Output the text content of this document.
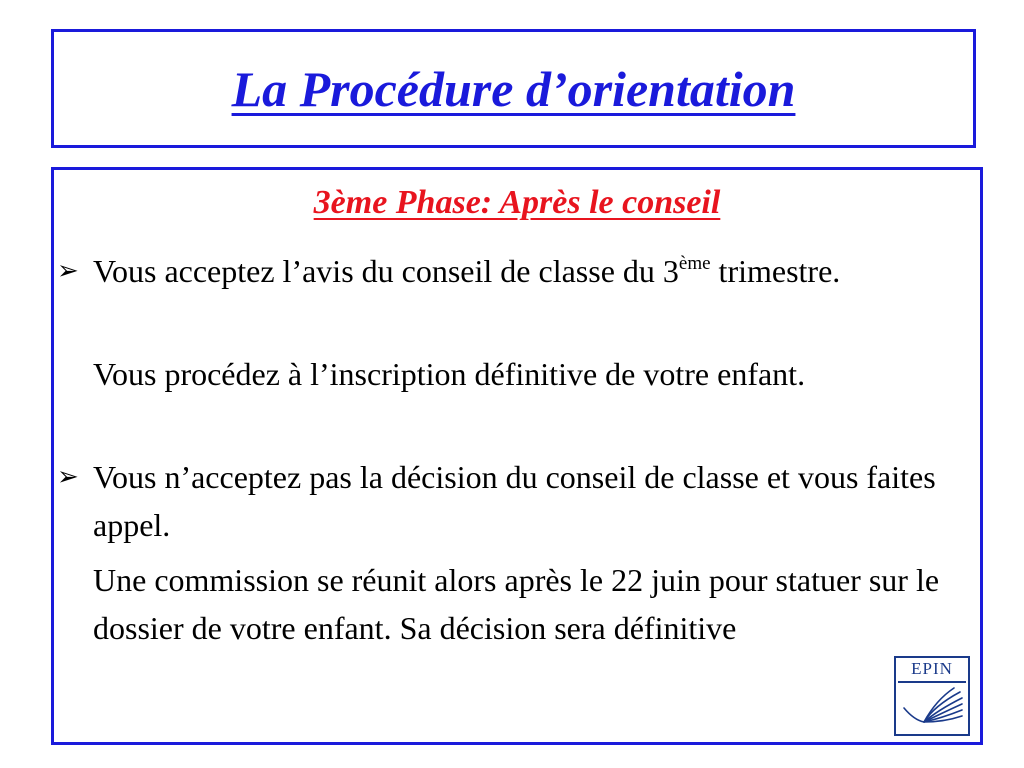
La Procédure d’orientation
3ème Phase: Après le conseil

➢ Vous acceptez l’avis du conseil de classe du 3ème trimestre.

Vous procédez à l’inscription définitive de votre enfant.

➢ Vous n’acceptez pas la décision du conseil de classe et vous faites appel.

Une commission se réunit alors après le 22 juin pour statuer sur le dossier de votre enfant. Sa décision sera définitive

EPIN
